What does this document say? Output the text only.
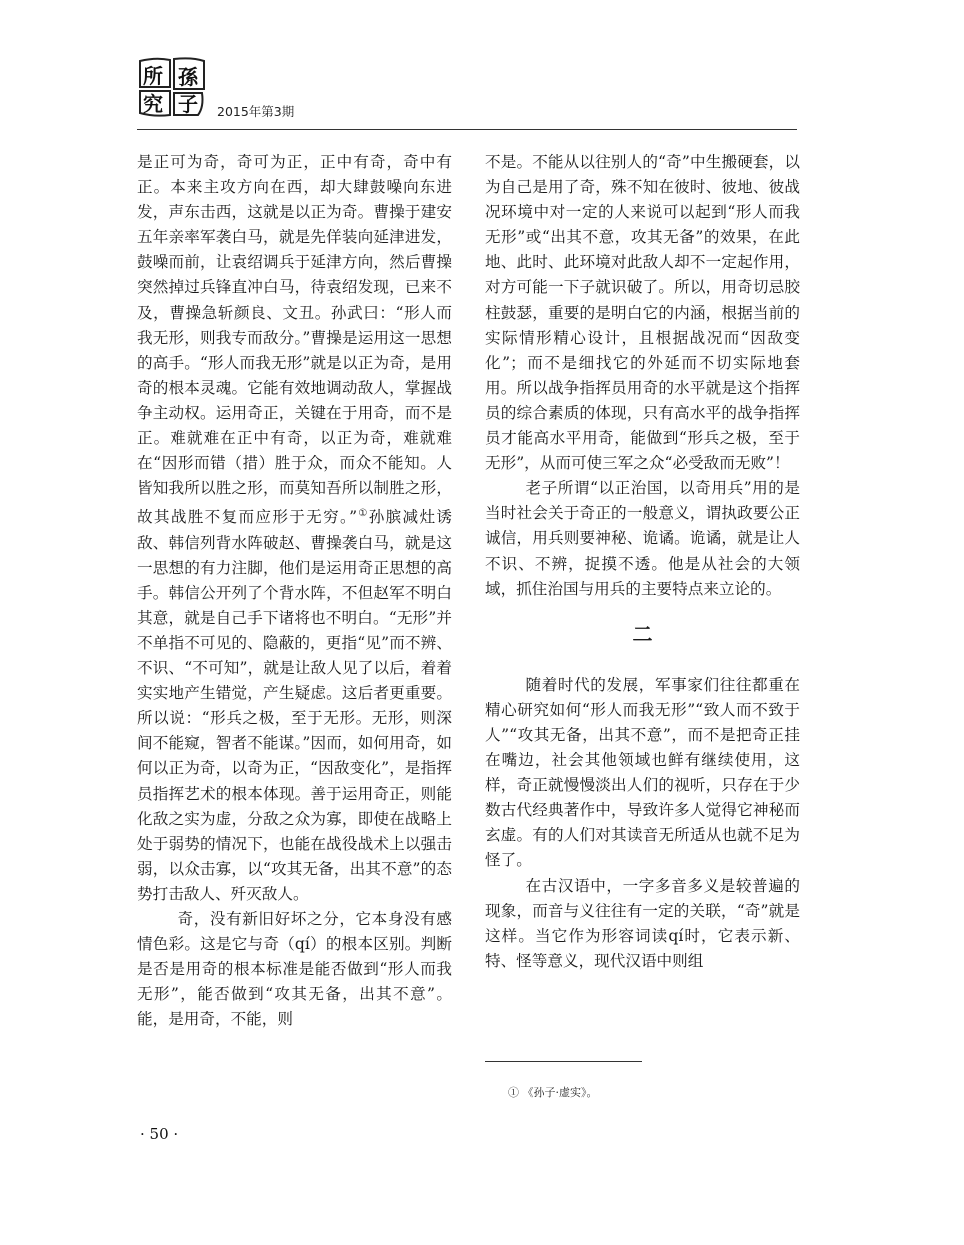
所 孫
究 子 2015年第3期

是正可为奇，奇可为正，正中有奇，奇中有正。本来主攻方向在西，却大肆鼓噪向东进发，声东击西，这就是以正为奇。曹操于建安五年亲率军袭白马，就是先佯装向延津进发，鼓噪而前，让袁绍调兵于延津方向，然后曹操突然掉过兵锋直冲白马，待袁绍发现，已来不及，曹操急斩颜良、文丑。孙武曰：“形人而我无形，则我专而敌分。”曹操是运用这一思想的高手。“形人而我无形”就是以正为奇，是用奇的根本灵魂。它能有效地调动敌人，掌握战争主动权。运用奇正，关键在于用奇，而不是正。难就难在正中有奇，以正为奇，难就难在“因形而错（措）胜于众，而众不能知。人皆知我所以胜之形，而莫知吾所以制胜之形，故其战胜不复而应形于无穷。”①孙膑减灶诱敌、韩信列背水阵破赵、曹操袭白马，就是这一思想的有力注脚，他们是运用奇正思想的高手。韩信公开列了个背水阵，不但赵军不明白其意，就是自己手下诸将也不明白。“无形”并不单指不可见的、隐蔽的，更指“见”而不辨、不识、“不可知”，就是让敌人见了以后，着着实实地产生错觉，产生疑虑。这后者更重要。所以说：“形兵之极，至于无形。无形，则深间不能窥，智者不能谋。”因而，如何用奇，如何以正为奇，以奇为正，“因敌变化”，是指挥员指挥艺术的根本体现。善于运用奇正，则能化敌之实为虚，分敌之众为寡，即使在战略上处于弱势的情况下，也能在战役战术上以强击弱，以众击寡，以“攻其无备，出其不意”的态势打击敌人、歼灭敌人。

奇，没有新旧好坏之分，它本身没有感情色彩。这是它与奇（qí）的根本区别。判断是否是用奇的根本标准是能否做到“形人而我无形”，能否做到“攻其无备，出其不意”。能，是用奇，不能，则

不是。不能从以往别人的“奇”中生搬硬套，以为自己是用了奇，殊不知在彼时、彼地、彼战况环境中对一定的人来说可以起到“形人而我无形”或“出其不意，攻其无备”的效果，在此地、此时、此环境对此敌人却不一定起作用，对方可能一下子就识破了。所以，用奇切忌胶柱鼓瑟，重要的是明白它的内涵，根据当前的实际情形精心设计，且根据战况而“因敌变化”；而不是细找它的外延而不切实际地套用。所以战争指挥员用奇的水平就是这个指挥员的综合素质的体现，只有高水平的战争指挥员才能高水平用奇，能做到“形兵之极，至于无形”，从而可使三军之众“必受敌而无败”！

老子所谓“以正治国，以奇用兵”用的是当时社会关于奇正的一般意义，谓执政要公正诚信，用兵则要神秘、诡谲。诡谲，就是让人不识、不辨，捉摸不透。他是从社会的大领域，抓住治国与用兵的主要特点来立论的。

二

随着时代的发展，军事家们往往都重在精心研究如何“形人而我无形”“致人而不致于人”“攻其无备，出其不意”，而不是把奇正挂在嘴边，社会其他领域也鲜有继续使用，这样，奇正就慢慢淡出人们的视听，只存在于少数古代经典著作中，导致许多人觉得它神秘而玄虚。有的人们对其读音无所适从也就不足为怪了。

在古汉语中，一字多音多义是较普遍的现象，而音与义往往有一定的关联，“奇”就是这样。当它作为形容词读qí时，它表示新、特、怪等意义，现代汉语中则组

① 《孙子·虚实》。
· 50 ·
